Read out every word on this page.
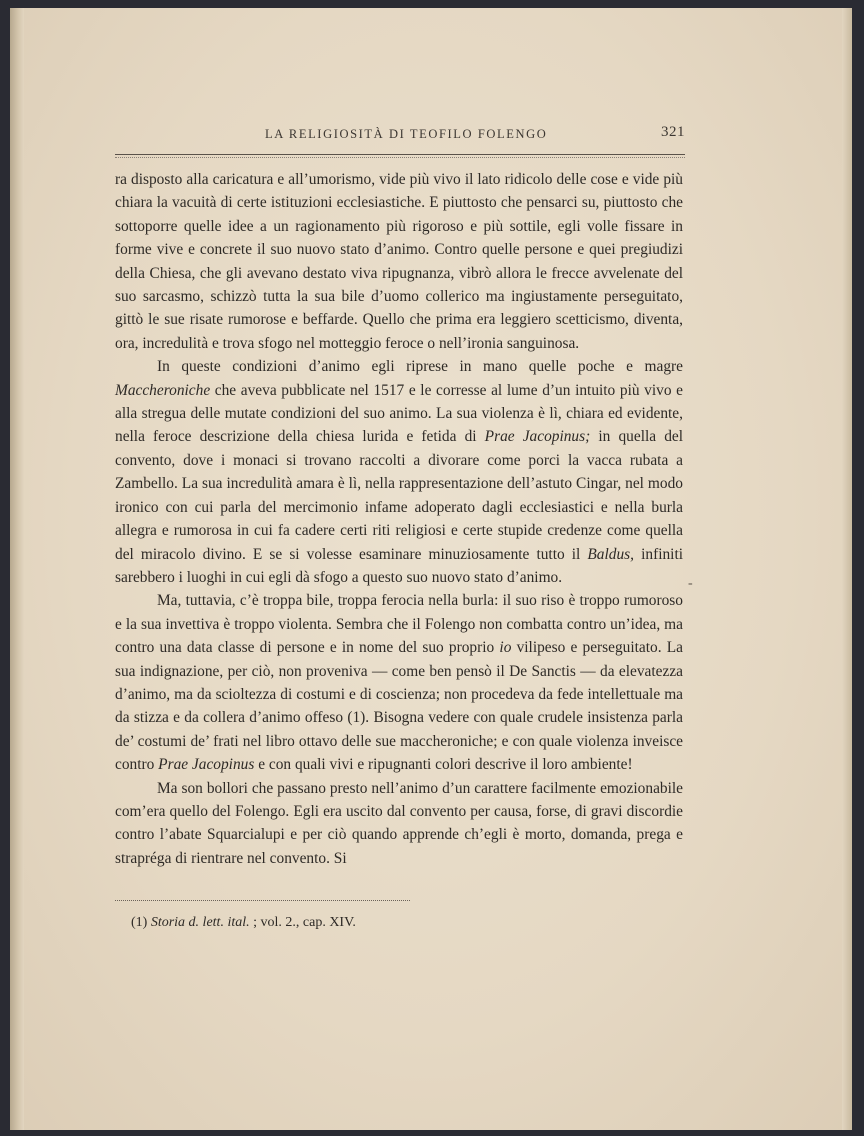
LA RELIGIOSITÀ DI TEOFILO FOLENGO	321

ra disposto alla caricatura e all’umorismo, vide più vivo il lato ridicolo delle cose e vide più chiara la vacuità di certe istituzioni ecclesiastiche. E piuttosto che pensarci su, piuttosto che sottoporre quelle idee a un ragionamento più rigoroso e più sottile, egli volle fissare in forme vive e concrete il suo nuovo stato d’animo. Contro quelle persone e quei pregiudizi della Chiesa, che gli avevano destato viva ripugnanza, vibrò allora le frecce avvelenate del suo sarcasmo, schizzò tutta la sua bile d’uomo collerico ma ingiustamente perseguitato, gittò le sue risate rumorose e beffarde. Quello che prima era leggiero scetticismo, diventa, ora, incredulità e trova sfogo nel motteggio feroce o nell’ironia sanguinosa.

In queste condizioni d’animo egli riprese in mano quelle poche e magre Maccheroniche che aveva pubblicate nel 1517 e le corresse al lume d’un intuito più vivo e alla stregua delle mutate condizioni del suo animo. La sua violenza è lì, chiara ed evidente, nella feroce descrizione della chiesa lurida e fetida di Prae Jacopinus; in quella del convento, dove i monaci si trovano raccolti a divorare come porci la vacca rubata a Zambello. La sua incredulità amara è lì, nella rappresentazione dell’astuto Cingar, nel modo ironico con cui parla del mercimonio infame adoperato dagli ecclesiastici e nella burla allegra e rumorosa in cui fa cadere certi riti religiosi e certe stupide credenze come quella del miracolo divino. E se si volesse esaminare minuziosamente tutto il Baldus, infiniti sarebbero i luoghi in cui egli dà sfogo a questo suo nuovo stato d’animo.

Ma, tuttavia, c’è troppa bile, troppa ferocia nella burla: il suo riso è troppo rumoroso e la sua invettiva è troppo violenta. Sembra che il Folengo non combatta contro un’idea, ma contro una data classe di persone e in nome del suo proprio io vilipeso e perseguitato. La sua indignazione, per ciò, non proveniva — come ben pensò il De Sanctis — da elevatezza d’animo, ma da scioltezza di costumi e di coscienza; non procedeva da fede intellettuale ma da stizza e da collera d’animo offeso (1). Bisogna vedere con quale crudele insistenza parla de’ costumi de’ frati nel libro ottavo delle sue maccheroniche; e con quale violenza inveisce contro Prae Jacopinus e con quali vivi e ripugnanti colori descrive il loro ambiente!

Ma son bollori che passano presto nell’animo d’un carattere facilmente emozionabile com’era quello del Folengo. Egli era uscito dal convento per causa, forse, di gravi discordie contro l’abate Squarcialupi e per ciò quando apprende ch’egli è morto, domanda, prega e strapréga di rientrare nel convento. Si

-
(1) Storia d. lett. ital. ; vol. 2., cap. XIV.
